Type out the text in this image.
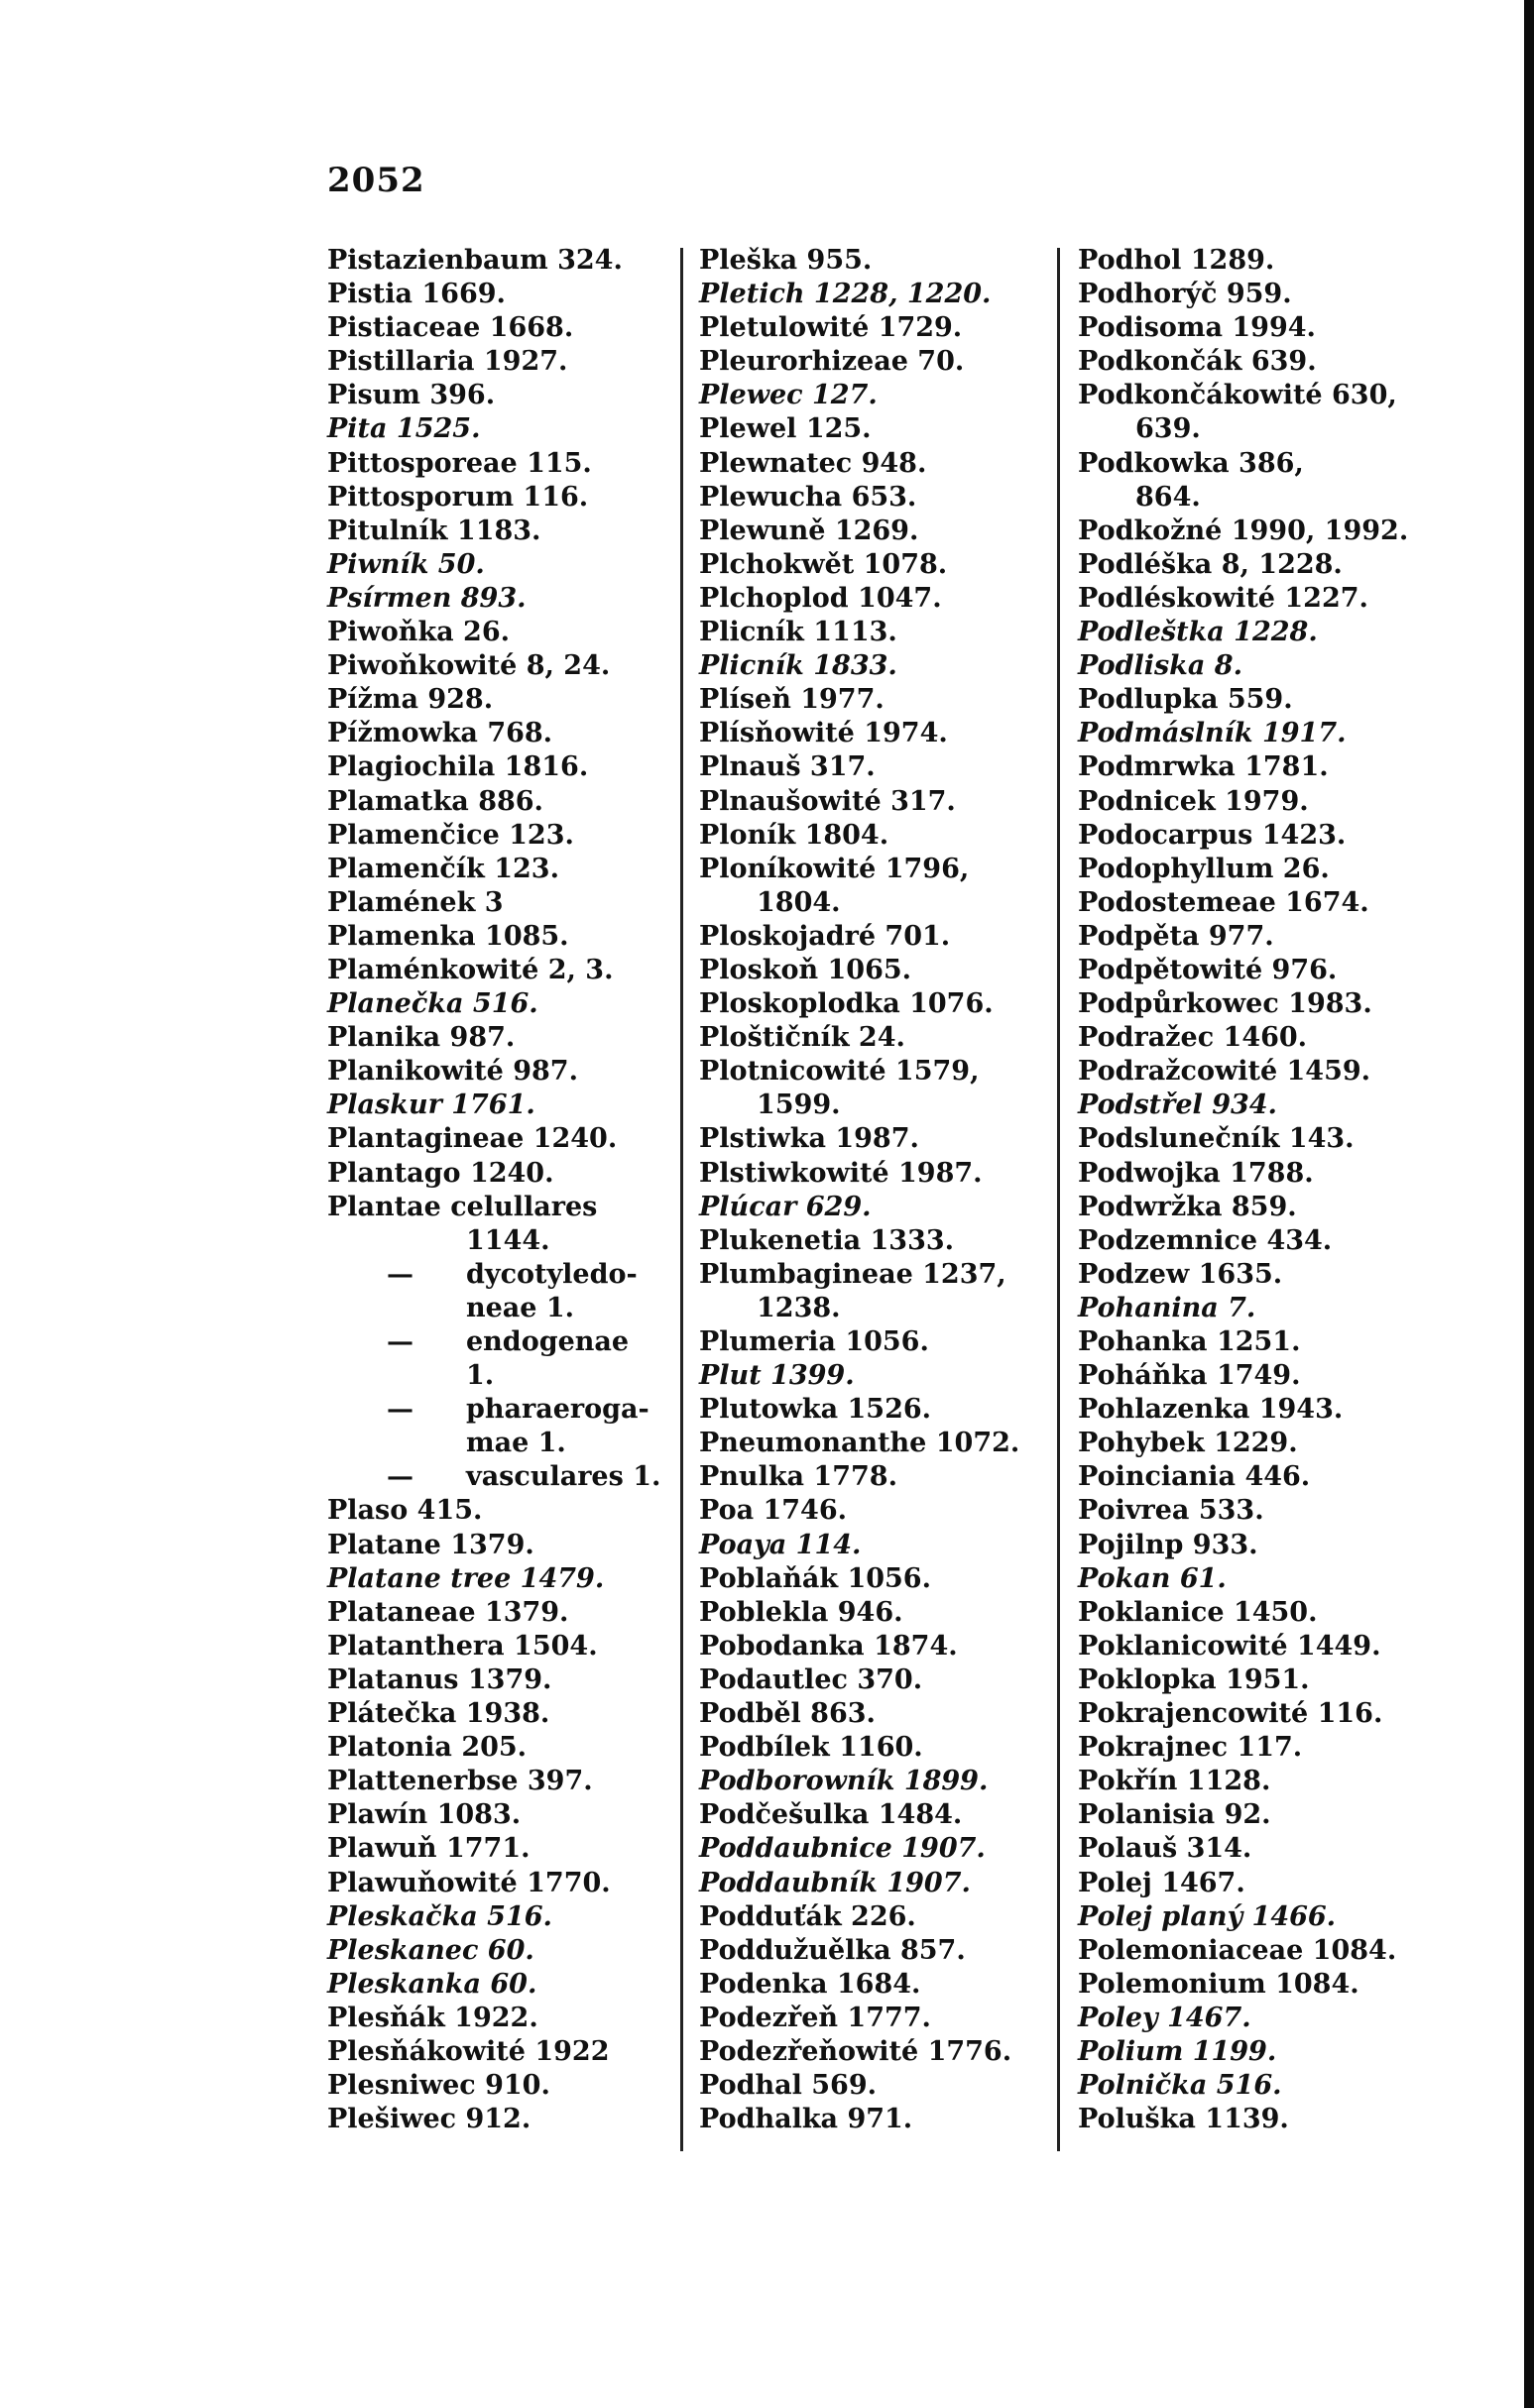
2052
Pistazienbaum 324.
Pistia 1669.
Pistiaceae 1668.
Pistillaria 1927.
Pisum 396.
Pita 1525.
Pittosporeae 115.
Pittosporum 116.
Pitulník 1183.
Piwník 50.
Psírmen 893.
Piwoňka 26.
Piwoňkowité 8, 24.
Pížma 928.
Pížmowka 768.
Plagiochila 1816.
Plamatka 886.
Plamenčice 123.
Plamenčík 123.
Plamének 3
Plamenka 1085.
Plaménkowité 2, 3.
Planečka 516.
Planika 987.
Planikowité 987.
Plaskur 1761.
Plantagineae 1240.
Plantago 1240.
Plantae celullares
1144.
— dycotyledo-
neae 1.
— endogenae
1.
— pharaeroga-
mae 1.
— vasculares 1.
Plaso 415.
Platane 1379.
Platane tree 1479.
Plataneae 1379.
Platanthera 1504.
Platanus 1379.
Plátečka 1938.
Platonia 205.
Plattenerbse 397.
Plawín 1083.
Plawuň 1771.
Plawuňowité 1770.
Pleskačka 516.
Pleskanec 60.
Pleskanka 60.
Plesňák 1922.
Plesňákowité 1922
Plesniwec 910.
Plešiwec 912.
Pleška 955.
Pletich 1228, 1220.
Pletulowité 1729.
Pleurorhizeae 70.
Plewec 127.
Plewel 125.
Plewnatec 948.
Plewucha 653.
Plewuně 1269.
Plchokwět 1078.
Plchoplod 1047.
Plicník 1113.
Plicník 1833.
Plíseň 1977.
Plísňowité 1974.
Plnauš 317.
Plnaušowité 317.
Ploník 1804.
Ploníkowité 1796,
1804.
Ploskojadré 701.
Ploskoň 1065.
Ploskoplodka 1076.
Ploštičník 24.
Plotnicowité 1579,
1599.
Plstiwka 1987.
Plstiwkowité 1987.
Plúcar 629.
Plukenetia 1333.
Plumbagineae 1237,
1238.
Plumeria 1056.
Plut 1399.
Plutowka 1526.
Pneumonanthe 1072.
Pnulka 1778.
Poa 1746.
Poaya 114.
Poblaňák 1056.
Poblekla 946.
Pobodanka 1874.
Podautlec 370.
Podběl 863.
Podbílek 1160.
Podborowník 1899.
Podčešulka 1484.
Poddaubnice 1907.
Poddaubník 1907.
Podduťák 226.
Poddužuělka 857.
Podenka 1684.
Podezřeň 1777.
Podezřeňowité 1776.
Podhal 569.
Podhalka 971.
Podhol 1289.
Podhorýč 959.
Podisoma 1994.
Podkončák 639.
Podkončákowité 630,
639.
Podkowka 386,
864.
Podkožné 1990, 1992.
Podléška 8, 1228.
Podléskowité 1227.
Podleštka 1228.
Podliska 8.
Podlupka 559.
Podmáslník 1917.
Podmrwka 1781.
Podnicek 1979.
Podocarpus 1423.
Podophyllum 26.
Podostemeae 1674.
Podpěta 977.
Podpětowité 976.
Podpůrkowec 1983.
Podražec 1460.
Podražcowité 1459.
Podstřel 934.
Podslunečník 143.
Podwojka 1788.
Podwržka 859.
Podzemnice 434.
Podzew 1635.
Pohanina 7.
Pohanka 1251.
Poháňka 1749.
Pohlazenka 1943.
Pohybek 1229.
Poinciania 446.
Poivrea 533.
Pojilnp 933.
Pokan 61.
Poklanice 1450.
Poklanicowité 1449.
Poklopka 1951.
Pokrajencowité 116.
Pokrajnec 117.
Pokřín 1128.
Polanisia 92.
Polauš 314.
Polej 1467.
Polej planý 1466.
Polemoniaceae 1084.
Polemonium 1084.
Poley 1467.
Polium 1199.
Polnička 516.
Poluška 1139.
